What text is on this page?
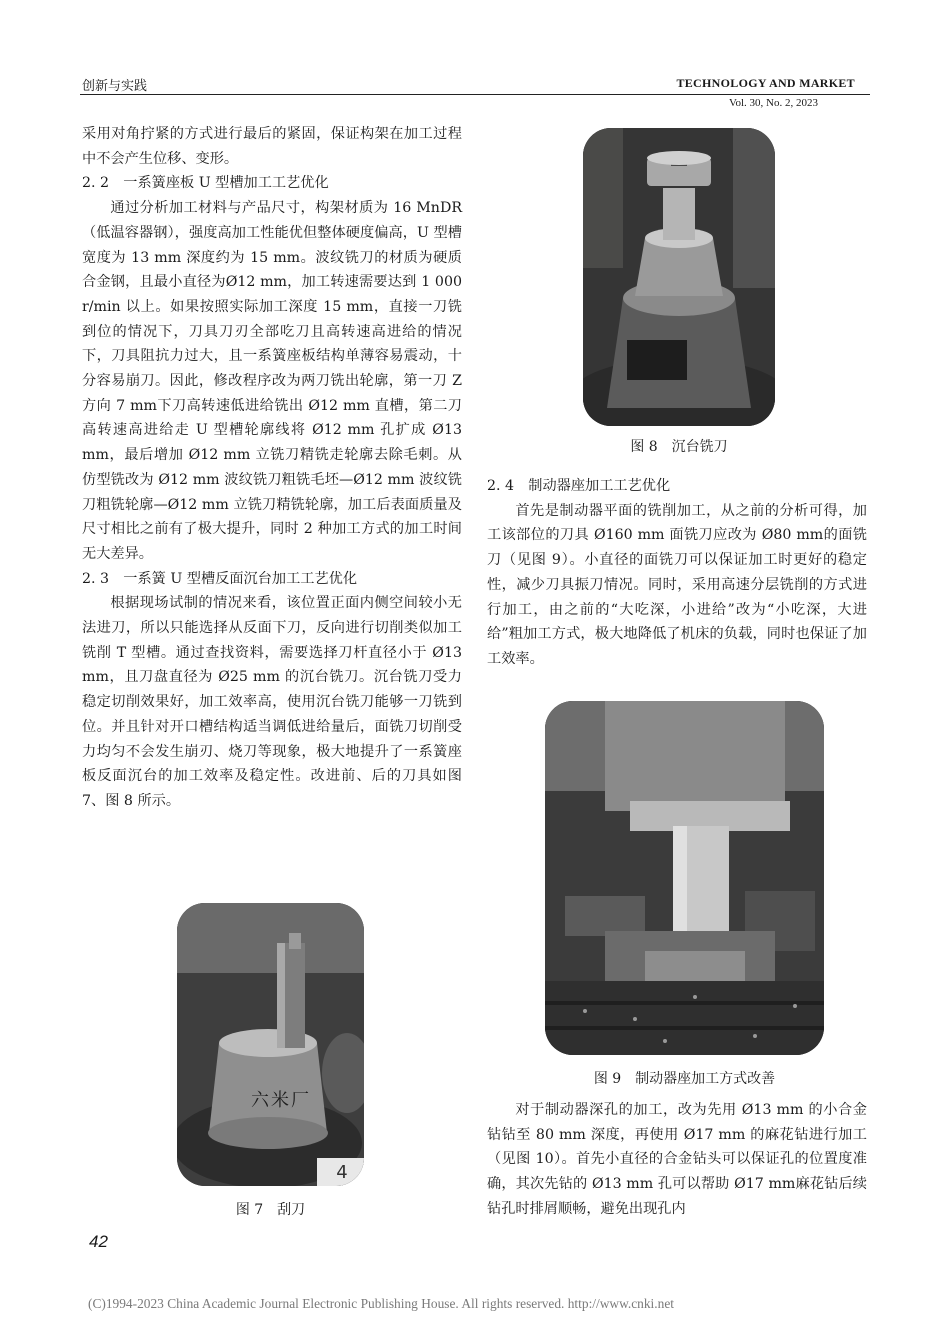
创新与实践	TECHNOLOGY AND MARKET
Vol. 30, No. 2, 2023

采用对角拧紧的方式进行最后的紧固，保证构架在加工过程中不会产生位移、变形。

2. 2　一系簧座板 U 型槽加工工艺优化

通过分析加工材料与产品尺寸，构架材质为 16 MnDR（低温容器钢），强度高加工性能优但整体硬度偏高，U 型槽宽度为 13 mm 深度约为 15 mm。波纹铣刀的材质为硬质合金钢，且最小直径为Ø12 mm，加工转速需要达到 1 000 r/min 以上。如果按照实际加工深度 15 mm，直接一刀铣到位的情况下，刀具刀刃全部吃刀且高转速高进给的情况下，刀具阻抗力过大，且一系簧座板结构单薄容易震动，十分容易崩刀。因此，修改程序改为两刀铣出轮廓，第一刀 Z 方向 7 mm下刀高转速低进给铣出 Ø12 mm 直槽，第二刀高转速高进给走 U 型槽轮廓线将 Ø12 mm 孔扩成 Ø13 mm，最后增加 Ø12 mm 立铣刀精铣走轮廓去除毛刺。从仿型铣改为 Ø12 mm 波纹铣刀粗铣毛坯—Ø12 mm 波纹铣刀粗铣轮廓—Ø12 mm 立铣刀精铣轮廓，加工后表面质量及尺寸相比之前有了极大提升，同时 2 种加工方式的加工时间无大差异。

2. 3　一系簧 U 型槽反面沉台加工工艺优化

根据现场试制的情况来看，该位置正面内侧空间较小无法进刀，所以只能选择从反面下刀，反向进行切削类似加工铣削 T 型槽。通过查找资料，需要选择刀杆直径小于 Ø13 mm，且刀盘直径为 Ø25 mm 的沉台铣刀。沉台铣刀受力稳定切削效果好，加工效率高，使用沉台铣刀能够一刀铣到位。并且针对开口槽结构适当调低进给量后，面铣刀切削受力均匀不会发生崩刃、烧刀等现象，极大地提升了一系簧座板反面沉台的加工效率及稳定性。改进前、后的刀具如图 7、图 8 所示。

图 8　沉台铣刀

2. 4　制动器座加工工艺优化

首先是制动器平面的铣削加工，从之前的分析可得，加工该部位的刀具 Ø160 mm 面铣刀应改为 Ø80 mm的面铣刀（见图 9）。小直径的面铣刀可以保证加工时更好的稳定性，减少刀具振刀情况。同时，采用高速分层铣削的方式进行加工，由之前的“大吃深，小进给”改为“小吃深，大进给”粗加工方式，极大地降低了机床的负载，同时也保证了加工效率。

图 9　制动器座加工方式改善

对于制动器深孔的加工，改为先用 Ø13 mm 的小合金钻钻至 80 mm 深度，再使用 Ø17 mm 的麻花钻进行加工（见图 10）。首先小直径的合金钻头可以保证孔的位置度准确，其次先钻的 Ø13 mm 孔可以帮助 Ø17 mm麻花钻后续钻孔时排屑顺畅，避免出现孔内

4
六米厂
图 7　刮刀
42
(C)1994-2023 China Academic Journal Electronic Publishing House. All rights reserved. http://www.cnki.net
